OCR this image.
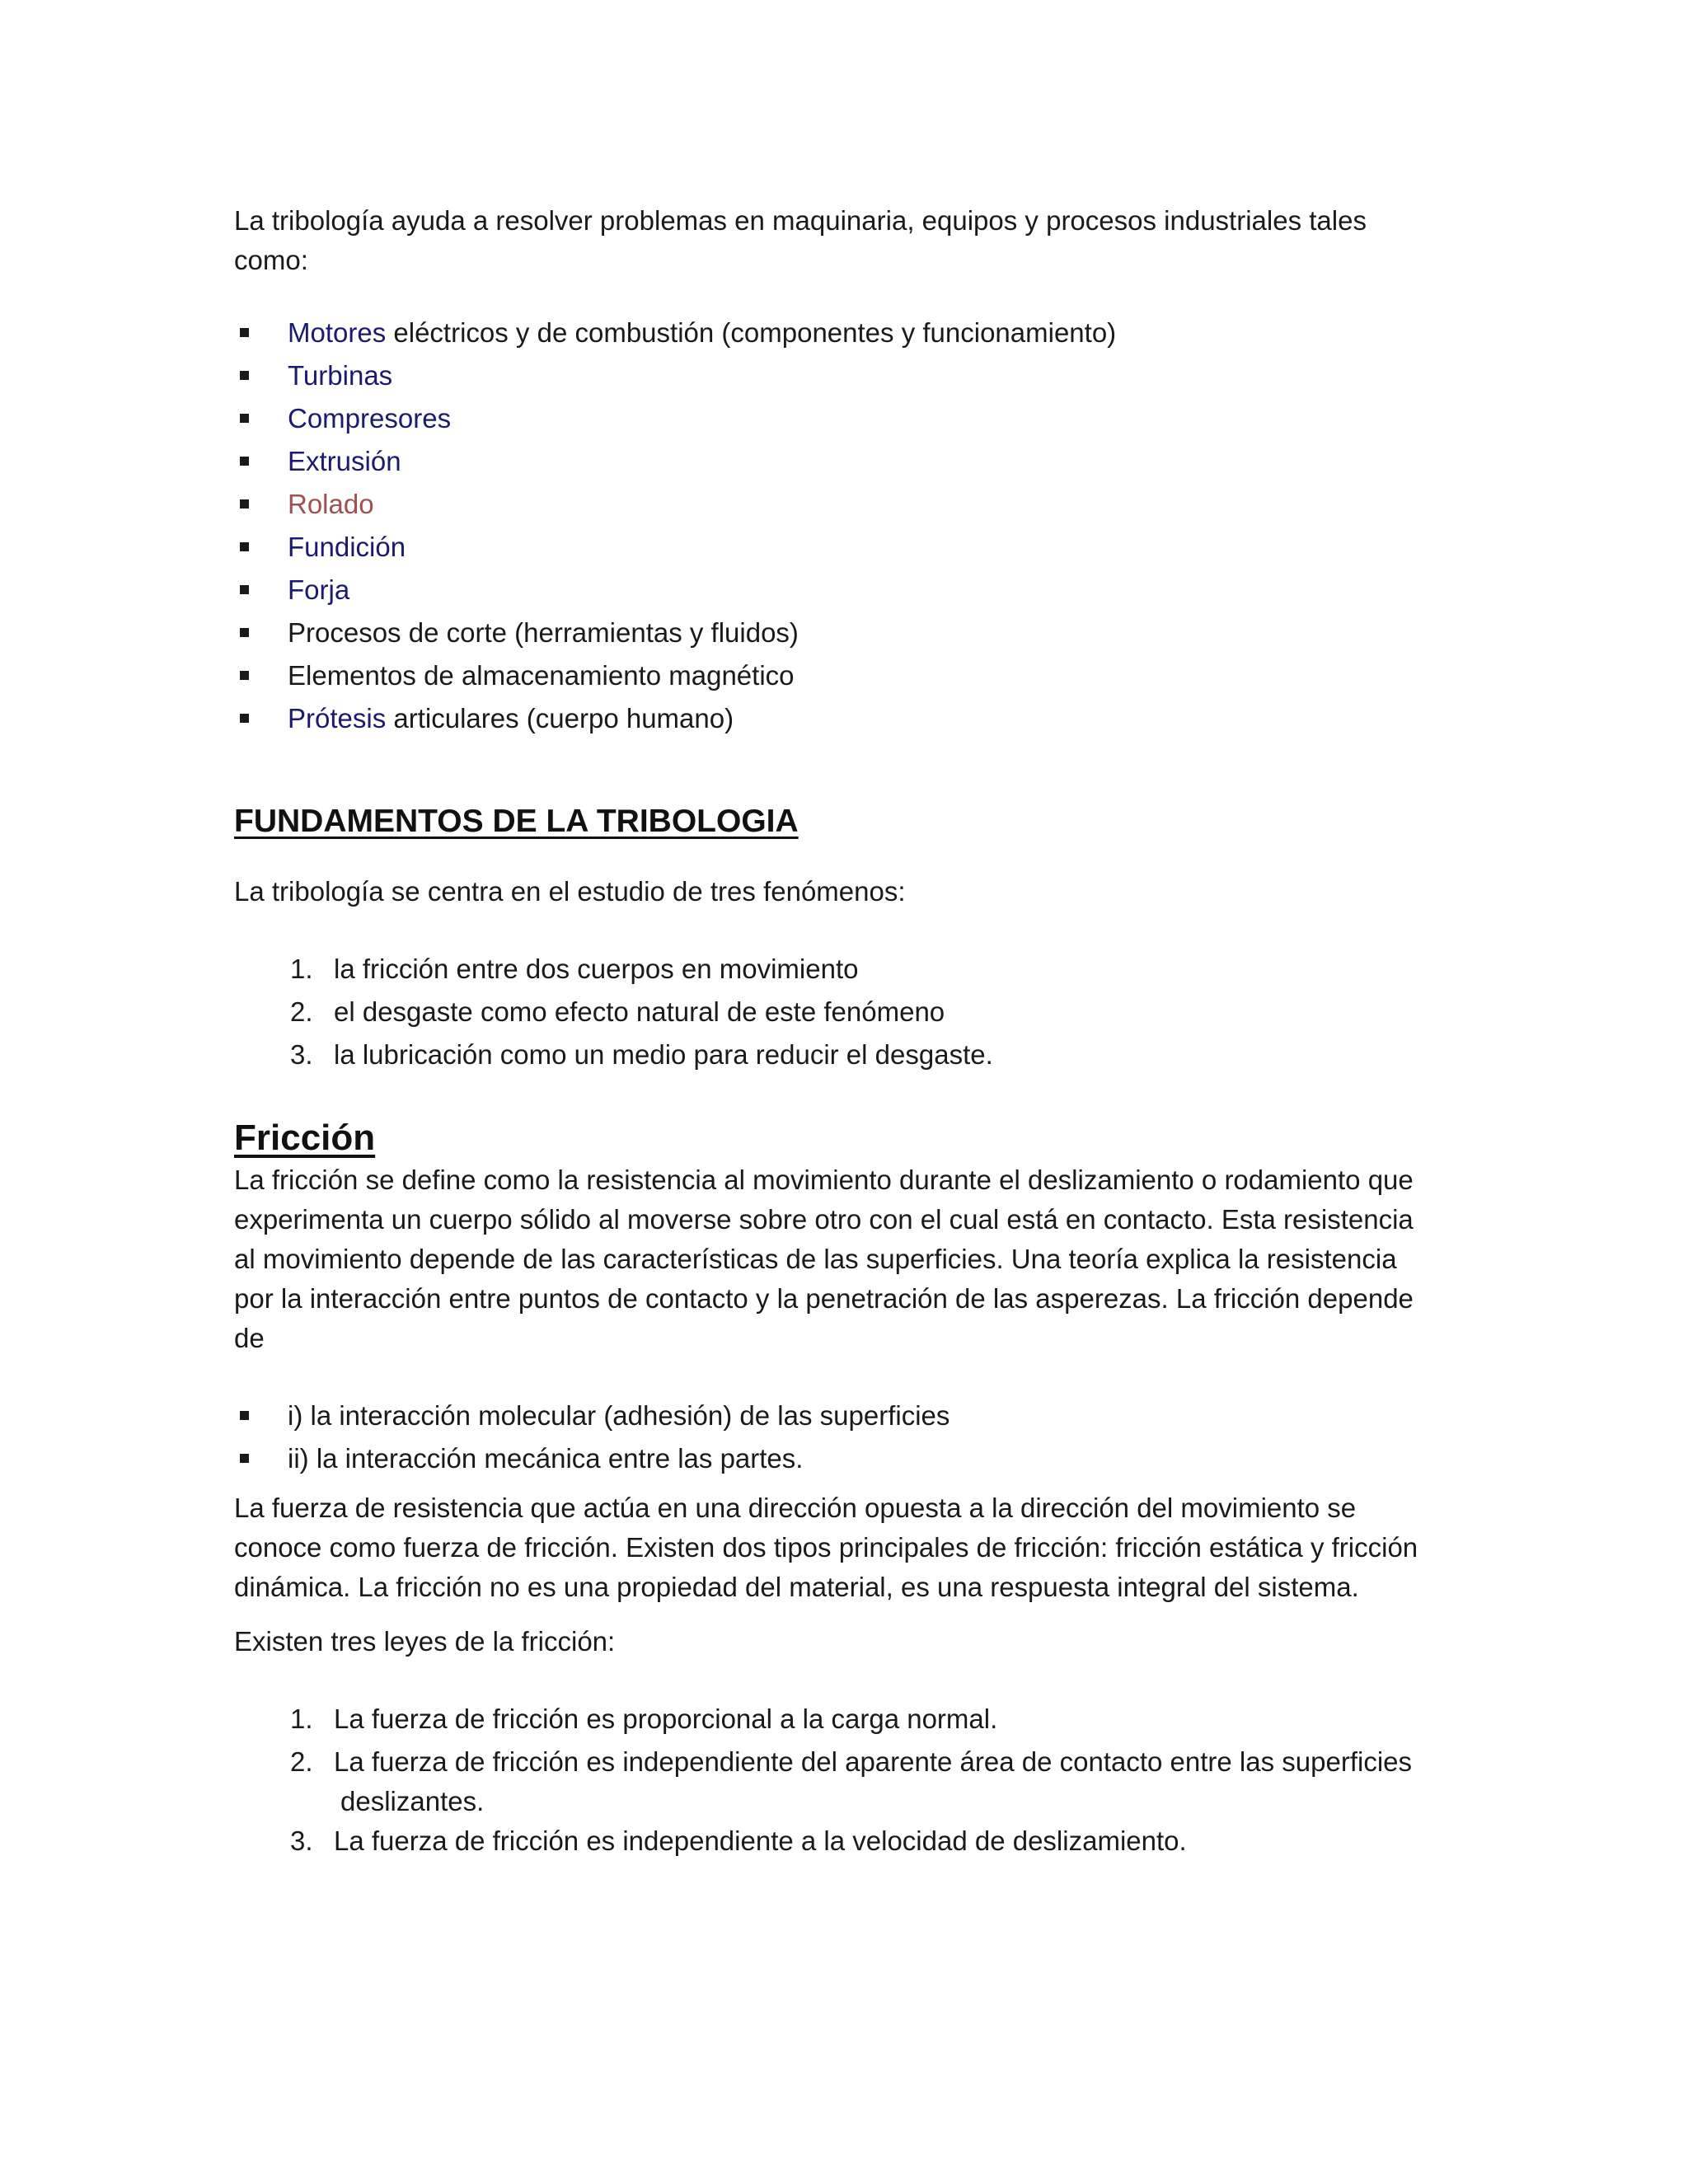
La tribología ayuda a resolver problemas en maquinaria, equipos y procesos industriales tales
como:

Motores eléctricos y de combustión (componentes y funcionamiento)
Turbinas
Compresores
Extrusión
Rolado
Fundición
Forja
Procesos de corte (herramientas y fluidos)
Elementos de almacenamiento magnético
Prótesis articulares (cuerpo humano)
FUNDAMENTOS DE LA TRIBOLOGIA

La tribología se centra en el estudio de tres fenómenos:

1. la fricción entre dos cuerpos en movimiento
2. el desgaste como efecto natural de este fenómeno
3. la lubricación como un medio para reducir el desgaste.
Fricción

La fricción se define como la resistencia al movimiento durante el deslizamiento o rodamiento que
experimenta un cuerpo sólido al moverse sobre otro con el cual está en contacto. Esta resistencia
al movimiento depende de las características de las superficies. Una teoría explica la resistencia
por la interacción entre puntos de contacto y la penetración de las asperezas. La fricción depende
de

i) la interacción molecular (adhesión) de las superficies
ii) la interacción mecánica entre las partes.

La fuerza de resistencia que actúa en una dirección opuesta a la dirección del movimiento se
conoce como fuerza de fricción. Existen dos tipos principales de fricción: fricción estática y fricción
dinámica. La fricción no es una propiedad del material, es una respuesta integral del sistema.

Existen tres leyes de la fricción:

1. La fuerza de fricción es proporcional a la carga normal.
2. La fuerza de fricción es independiente del aparente área de contacto entre las superficies
deslizantes.
3. La fuerza de fricción es independiente a la velocidad de deslizamiento.
